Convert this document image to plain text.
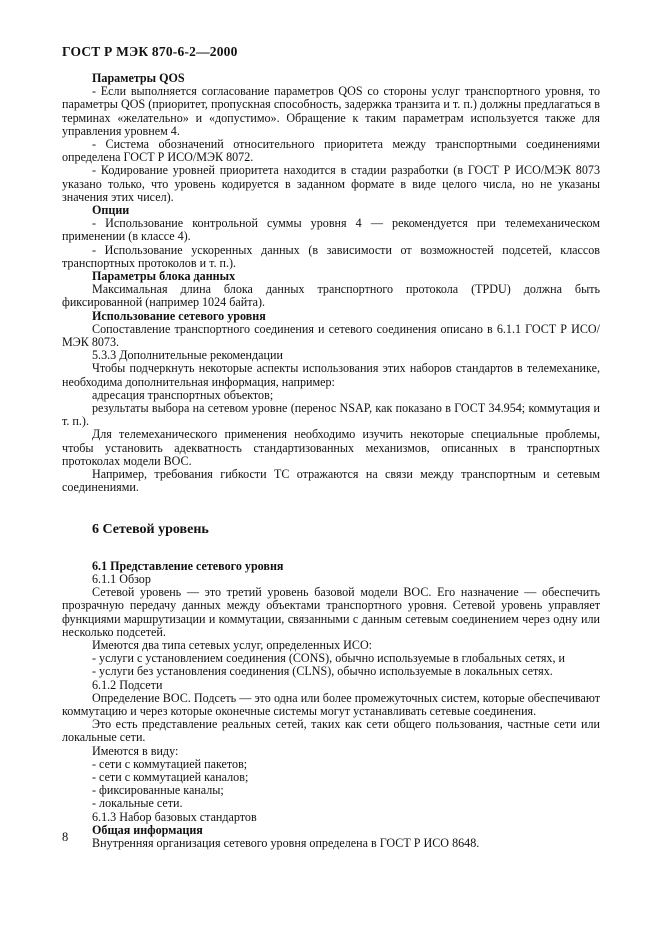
ГОСТ Р МЭК 870-6-2—2000

Параметры QOS

- Если выполняется согласование параметров QOS со стороны услуг транспортного уровня, то параметры QOS (приоритет, пропускная способность, задержка транзита и т. п.) должны предлагаться в терминах «желательно» и «допустимо». Обращение к таким параметрам используется также для управления уровнем 4.

- Система обозначений относительного приоритета между транспортными соединениями определена ГОСТ Р ИСО/МЭК 8072.

- Кодирование уровней приоритета находится в стадии разработки (в ГОСТ Р ИСО/МЭК 8073 указано только, что уровень кодируется в заданном формате в виде целого числа, но не указаны значения этих чисел).

Опции

- Использование контрольной суммы уровня 4 — рекомендуется при телемеханическом применении (в классе 4).

- Использование ускоренных данных (в зависимости от возможностей подсетей, классов транспортных протоколов и т. п.).

Параметры блока данных

Максимальная длина блока данных транспортного протокола (TPDU) должна быть фиксированной (например 1024 байта).

Использование сетевого уровня

Сопоставление транспортного соединения и сетевого соединения описано в 6.1.1 ГОСТ Р ИСО/МЭК 8073.

5.3.3 Дополнительные рекомендации

Чтобы подчеркнуть некоторые аспекты использования этих наборов стандартов в телемеханике, необходима дополнительная информация, например:

адресация транспортных объектов;

результаты выбора на сетевом уровне (перенос NSAP, как показано в ГОСТ 34.954; коммутация и т. п.).

Для телемеханического применения необходимо изучить некоторые специальные проблемы, чтобы установить адекватность стандартизованных механизмов, описанных в транспортных протоколах модели ВОС.

Например, требования гибкости ТС отражаются на связи между транспортным и сетевым соединениями.

6 Сетевой уровень

6.1 Представление сетевого уровня

6.1.1 Обзор

Сетевой уровень — это третий уровень базовой модели ВОС. Его назначение — обеспечить прозрачную передачу данных между объектами транспортного уровня. Сетевой уровень управляет функциями маршрутизации и коммутации, связанными с данным сетевым соединением через одну или несколько подсетей.

Имеются два типа сетевых услуг, определенных ИСО:

- услуги с установлением соединения (CONS), обычно используемые в глобальных сетях, и

- услуги без установления соединения (CLNS), обычно используемые в локальных сетях.

6.1.2 Подсети

Определение ВОС. Подсеть — это одна или более промежуточных систем, которые обеспечивают коммутацию и через которые оконечные системы могут устанавливать сетевые соединения.

Это есть представление реальных сетей, таких как сети общего пользования, частные сети или локальные сети.

Имеются в виду:

- сети с коммутацией пакетов;

- сети с коммутацией каналов;

- фиксированные каналы;

- локальные сети.

6.1.3 Набор базовых стандартов

Общая информация

Внутренняя организация сетевого уровня определена в ГОСТ Р ИСО 8648.

8
